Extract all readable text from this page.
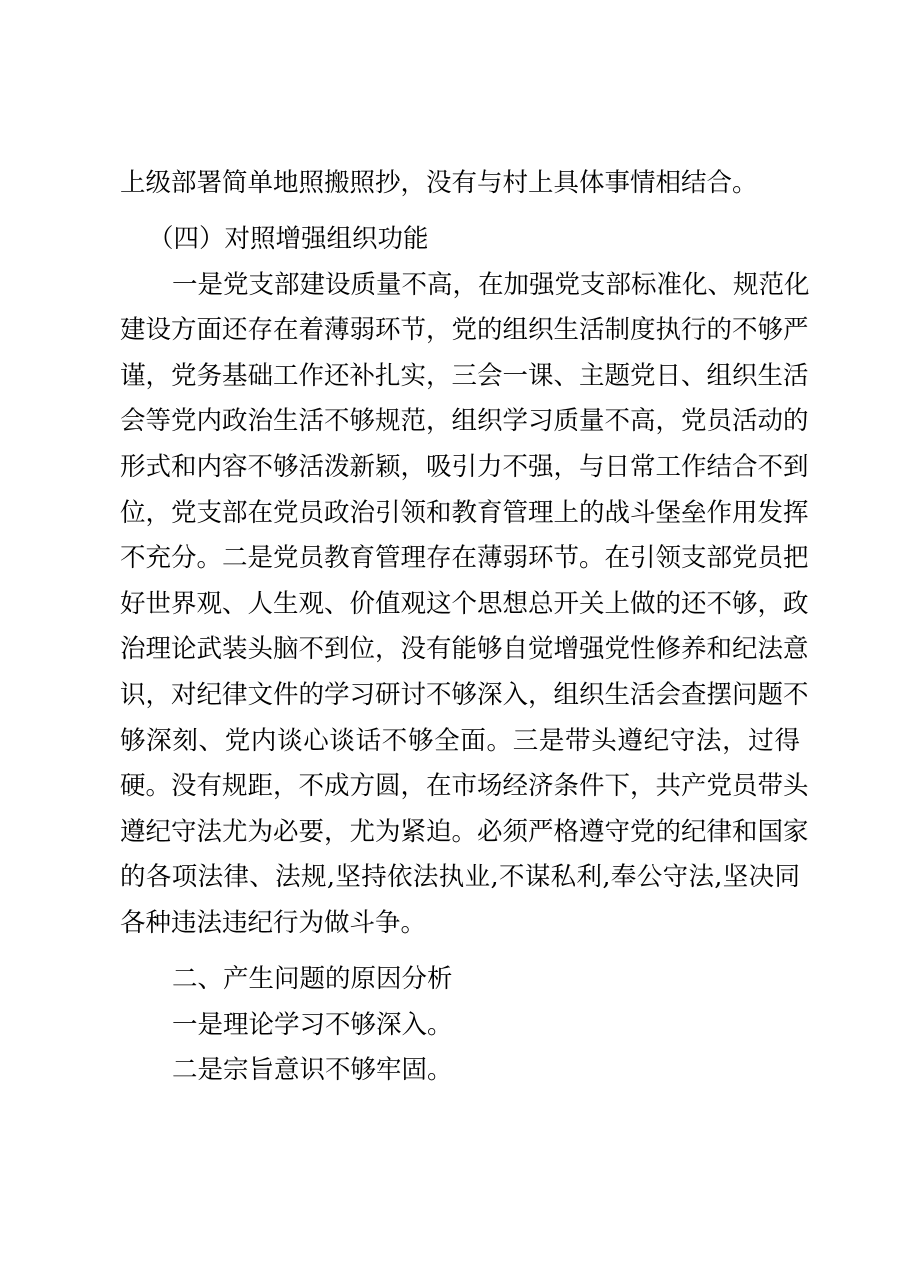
上级部署简单地照搬照抄，没有与村上具体事情相结合。
（四）对照增强组织功能
一是党支部建设质量不高，在加强党支部标准化、规范化
建设方面还存在着薄弱环节，党的组织生活制度执行的不够严
谨，党务基础工作还补扎实，三会一课、主题党日、组织生活
会等党内政治生活不够规范，组织学习质量不高，党员活动的
形式和内容不够活泼新颖，吸引力不强，与日常工作结合不到
位，党支部在党员政治引领和教育管理上的战斗堡垒作用发挥
不充分。二是党员教育管理存在薄弱环节。在引领支部党员把
好世界观、人生观、价值观这个思想总开关上做的还不够，政
治理论武装头脑不到位，没有能够自觉增强党性修养和纪法意
识，对纪律文件的学习研讨不够深入，组织生活会查摆问题不
够深刻、党内谈心谈话不够全面。三是带头遵纪守法，过得
硬。没有规距，不成方圆，在市场经济条件下，共产党员带头
遵纪守法尤为必要，尤为紧迫。必须严格遵守党的纪律和国家
的各项法律、法规,坚持依法执业,不谋私利,奉公守法,坚决同
各种违法违纪行为做斗争。
二、产生问题的原因分析
一是理论学习不够深入。
二是宗旨意识不够牢固。
